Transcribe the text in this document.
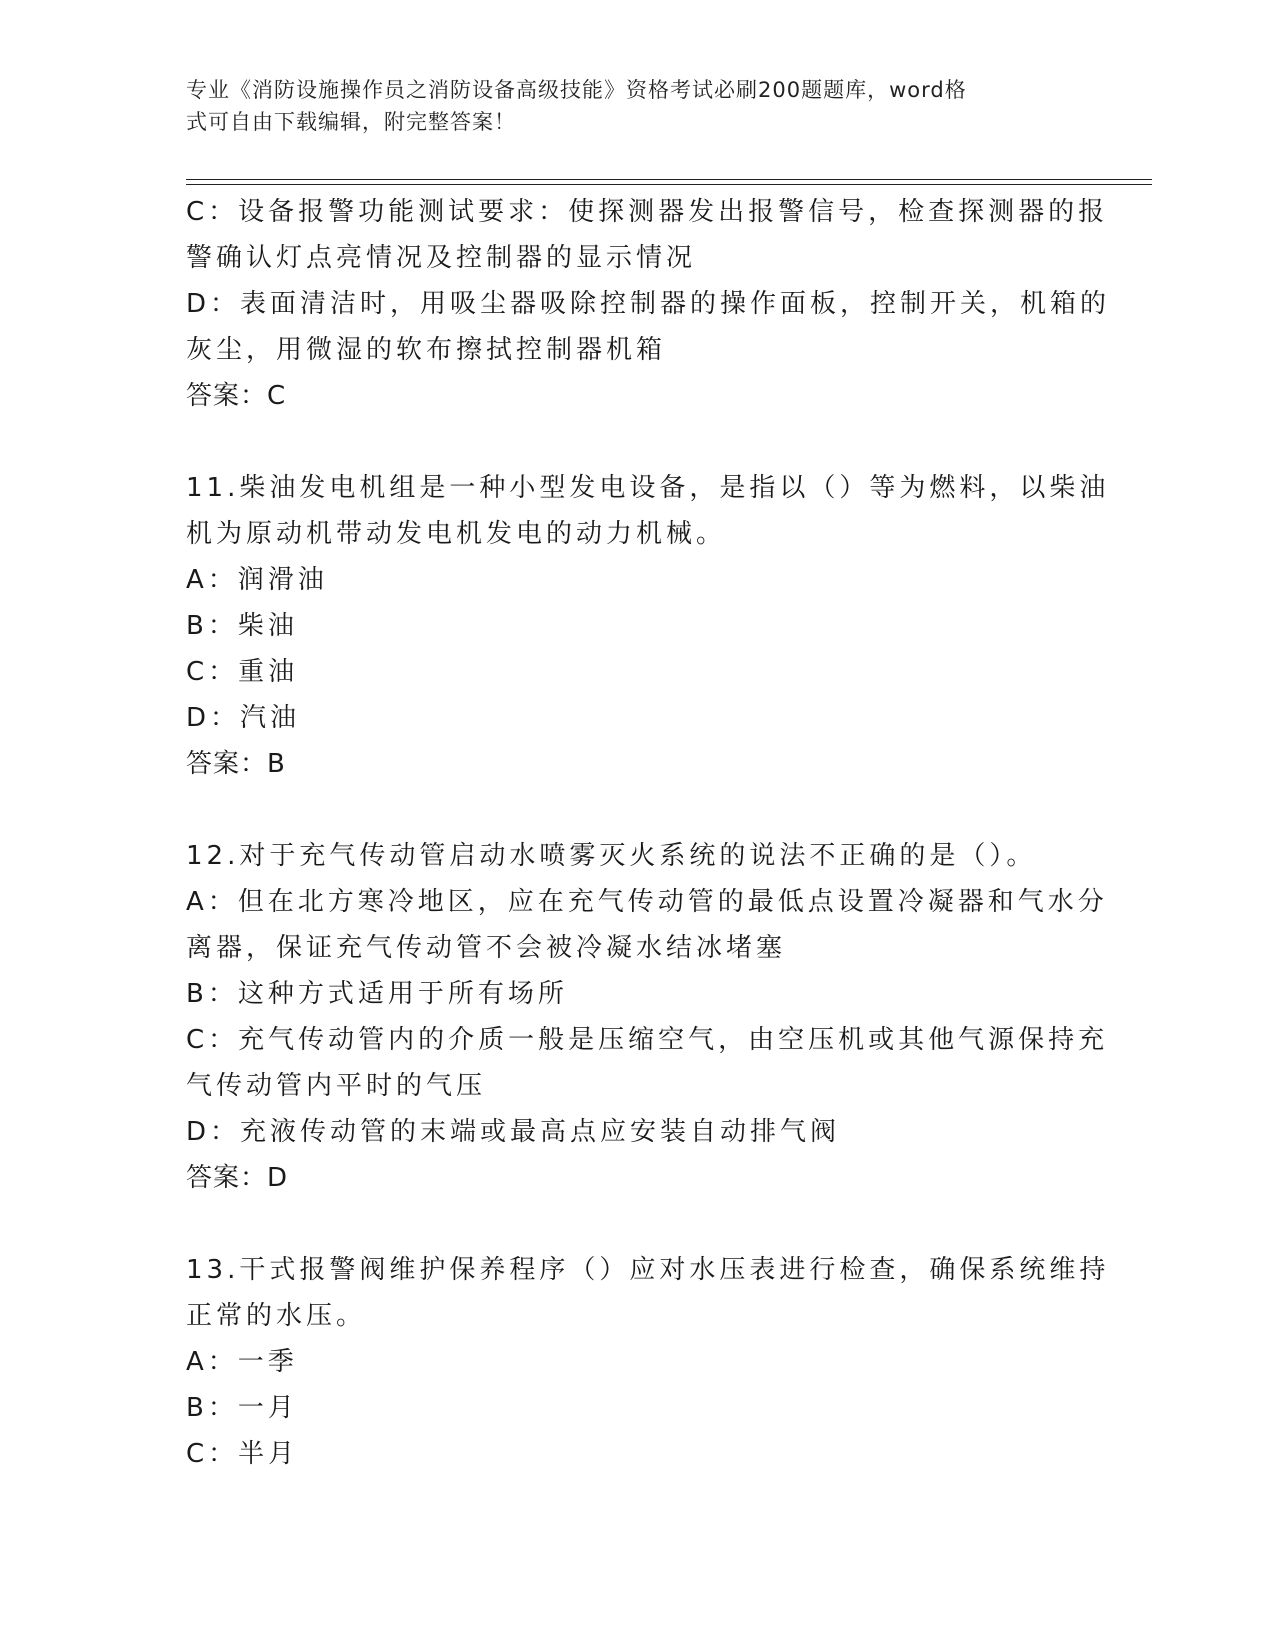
专业《消防设施操作员之消防设备高级技能》资格考试必刷200题题库，word格
式可自由下载编辑，附完整答案！

C：设备报警功能测试要求：使探测器发出报警信号，检查探测器的报

警确认灯点亮情况及控制器的显示情况

D：表面清洁时，用吸尘器吸除控制器的操作面板，控制开关，机箱的

灰尘，用微湿的软布擦拭控制器机箱

答案：C

11.柴油发电机组是一种小型发电设备，是指以（）等为燃料，以柴油

机为原动机带动发电机发电的动力机械。

A：润滑油

B：柴油

C：重油

D：汽油

答案：B

12.对于充气传动管启动水喷雾灭火系统的说法不正确的是（）。

A：但在北方寒冷地区，应在充气传动管的最低点设置冷凝器和气水分

离器，保证充气传动管不会被冷凝水结冰堵塞

B：这种方式适用于所有场所

C：充气传动管内的介质一般是压缩空气，由空压机或其他气源保持充

气传动管内平时的气压

D：充液传动管的末端或最高点应安装自动排气阀

答案：D

13.干式报警阀维护保养程序（）应对水压表进行检查，确保系统维持

正常的水压。

A：一季

B：一月

C：半月
